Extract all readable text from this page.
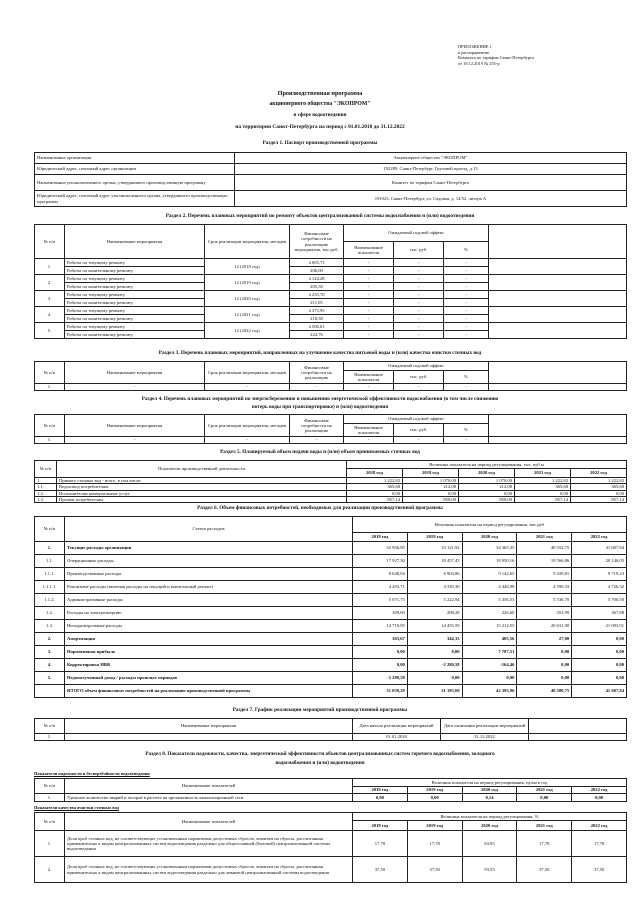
ПРИЛОЖЕНИЕ 1
к распоряжению
Комитета по тарифам Санкт-Петербурга
от 18.12.2019 № 255-р
Производственная программа
акционерного общества "ЭКОПРОМ"
в сфере водоотведения
на территории Санкт-Петербурга на период с 01.01.2018 до 31.12.2022
Раздел 1. Паспорт производственной программы
Наименование организации	Акционерное общество "ЭКОПРОМ"
Юридический адрес, почтовый адрес организации	192289, Санкт-Петербург, Грузовой проезд, д.13
Наименование уполномоченного органа, утвердившего производственную программу	Комитет по тарифам Санкт-Петербурга
Юридический адрес, почтовый адрес уполномоченного органа, утвердившего производственную программу	191023, Санкт-Петербург, ул. Садовая, д. 14/52, литера А
Раздел 2. Перечень плановых мероприятий по ремонту объектов централизованной системы водоснабжения и (или) водоотведения
№ п/п	Наименование мероприятия	Срок реализации мероприятия, месяцев	Финансовые потребности на реализацию мероприятия, тыс.руб.	Ожидаемый годовой эффект			
				Наименование показателя	тыс. руб.	%	
1.	Работы по текущему ремонту	12 (2018 год)	4 005,71	-	-	-	
	Работы по капитальному ремонту		206,00	-	-	-	
2.	Работы по текущему ремонту	12 (2019 год)	4 124,28	-	-	-	
	Работы по капитальному ремонту		205,50	-	-	-	
3.	Работы по текущему ремонту	12 (2020 год)	4 235,70	-	-	-	
	Работы по капитальному ремонту		211,05	-	-	-	
4.	Работы по текущему ремонту	12 (2021 год)	4 373,95	-	-	-	
	Работы по капитальному ремонту		218,38	-	-	-	
5.	Работы по текущему ремонту	12 (2022 год)	4 506,61	-	-	-	
	Работы по капитальному ремонту		224,76	-	-	-	
Раздел 3. Перечень плановых мероприятий, направленных на улучшение качества питьевой воды и (или) качества очистки сточных вод
№ п/п	Наименование мероприятия	Срок реализации мероприятия, месяцев	Финансовые потребности на реализацию	Ожидаемый годовой эффект			
				Наименование показателя	тыс. руб.	%	
1.	-	-	-	-	-	-	
Раздел 4. Перечень плановых мероприятий по энергосбережению и повышению энергетической эффективности водоснабжения (в том числе снижению
потерь воды при транспортировке) и (или) водоотведения
№ п/п	Наименование мероприятия	Срок реализации мероприятия, месяцев	Финансовые потребности на реализацию	Ожидаемый годовой эффект			
				Наименование показателя	тыс. руб.	%	
1.	-	-	-	-	-	-	
Раздел 5. Планируемый объем подачи воды и (или) объем принимаемых сточных вод
№ п/п	Показатели производственной деятельности	Величина показателя на период регулирования, тыс. куб.м				
		2018 год	2019 год	2020 год	2021 год	2022 год
1.	Принято сточных вод - всего, в том числе:	1 222,82	1 070,00	1 070,00	1 222,82	1 222,82
1.1.	Водоотвод потребителям	365,68	212,00	212,00	365,68	365,68
1.2.	Исполнителям коммунальных услуг	0,00	0,00	0,00	0,00	0,00
1.3.	Прочим потребителям	857,14	858,00	858,00	857,14	857,14
Раздел 6. Объем финансовых потребностей, необходимых для реализации производственной программы
№ п/п	Статьи расходов	Величина показателя на период регулирования, тыс.руб				
		2018 год	2019 год	2020 год	2021 год	2022 год
1.	Текущие расходы организации	32 956,95	33 121,92	34 365,35	40 552,75	41 607,84
1.1.	Операционные расходы	17 927,30	18 457,45	18 950,16	19 566,86	20 146,05
1.1.1.	Производственные расходы	8 648,04	8 904,86	9 142,65	9 439,81	9 719,23
1.1.1.1.	Ремонтные расходы (включая расходы на текущий и капитальный ремонт)	4 203,71	4 330,30	4 446,98	4 590,33	4 726,32
1.1.2.	Административные расходы	5 071,75	5 222,94	5 356,53	5 536,70	5 700,50
1.2.	Расходы на электроэнергию	309,60	208,28	226,60	353,99	367,88
1.3.	Неподконтрольные расходы	14 719,95	14 455,59	15 212,55	20 631,90	21 093,91
2.	Амортизация	363,67	344,33	405,56	27,00	0,00
3.	Нормативная прибыль	0,00	0,00	7 787,51	0,00	0,00
4.	Корректировка НВВ	0,00	-2 280,58	-164,46	0,00	0,00
5.	Недополученный доход / расходы прошлых периодов	-2 280,58	0,00	0,00	0,00	0,00
	ИТОГО объем финансовых потребностей на реализацию производственной программы	31 039,29	31 185,69	42 393,96	40 580,75	41 607,84
Раздел 7. График реализации мероприятий производственной программы
№ п/п	Наименование мероприятия	Дата начала реализации мероприятий	Дата окончания реализации мероприятий	
1.		01.01.2018	31.12.2022	
Раздел 8. Показатели надежности, качества, энергетической эффективности объектов централизованных систем горячего водоснабжения, холодного
водоснабжения и (или) водоотведения
Показатели надежности и бесперебойности водоотведения
№ п/п	Наименование показателей	Величина показателя на период регулирования, ед/км в год				
		2018 год	2019 год	2020 год	2021 год	2022 год
1.	Удельное количество аварий и засоров в расчете на протяженность канализационной сети	0,00	0,00	0,14	0,00	0,00
Показатели качества очистки сточных вод
№ п/п	Наименование показателей	Величина показателя на период регулирования, %				
		2018 год	2019 год	2020 год	2021 год	2022 год
1.	Доля проб сточных вод, не соответствующих установленным нормативам допустимых сбросов, лимитам на сбросы, рассчитанная применительно к видам централизованных систем водоотведения раздельно для общесплавной (бытовой) централизованной системы водоотведения	17,78	17,78	63,95	17,78	17,78
2.	Доля проб сточных вод, не соответствующих установленным нормативам допустимых сбросов, лимитам на сбросы, рассчитанная применительно к видам централизованных систем водоотведения раздельно для ливневой централизованной системы водоотведения	37,50	37,50	93,55	37,50	37,50
